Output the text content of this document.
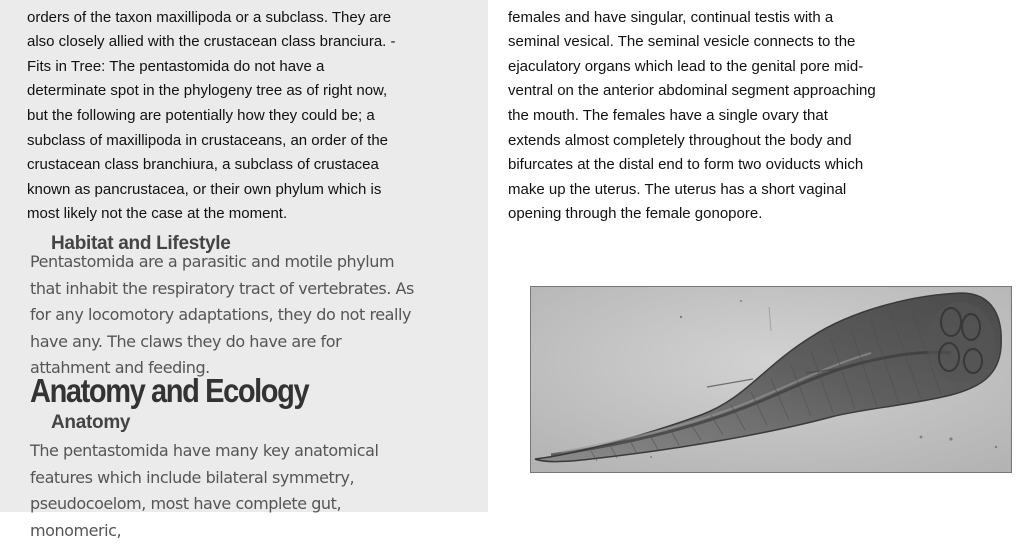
orders of the taxon maxillipoda or a subclass. They are also closely allied with the crustacean class branciura. -Fits in Tree: The pentastomida do not have a determinate spot in the phylogeny tree as of right now, but the following are potentially how they could be; a subclass of maxillipoda in crustaceans, an order of the crustacean class branchiura, a subclass of crustacea known as pancrustacea, or their own phylum which is most likely not the case at the moment.

Habitat and Lifestyle

Pentastomida are a parasitic and motile phylum that inhabit the respiratory tract of vertebrates. As for any locomotory adaptations, they do not really have any. The claws they do have are for attahment and feeding.

Anatomy and Ecology
Anatomy

The pentastomida have many key anatomical features which include bilateral symmetry, pseudocoelom, most have complete gut, monomeric,

females and have singular, continual testis with a seminal vesical. The seminal vesicle connects to the ejaculatory organs which lead to the genital pore mid-ventral on the anterior abdominal segment approaching the mouth. The females have a single ovary that extends almost completely throughout the body and bifurcates at the distal end to form two oviducts which make up the uterus. The uterus has a short vaginal opening through the female gonopore.
